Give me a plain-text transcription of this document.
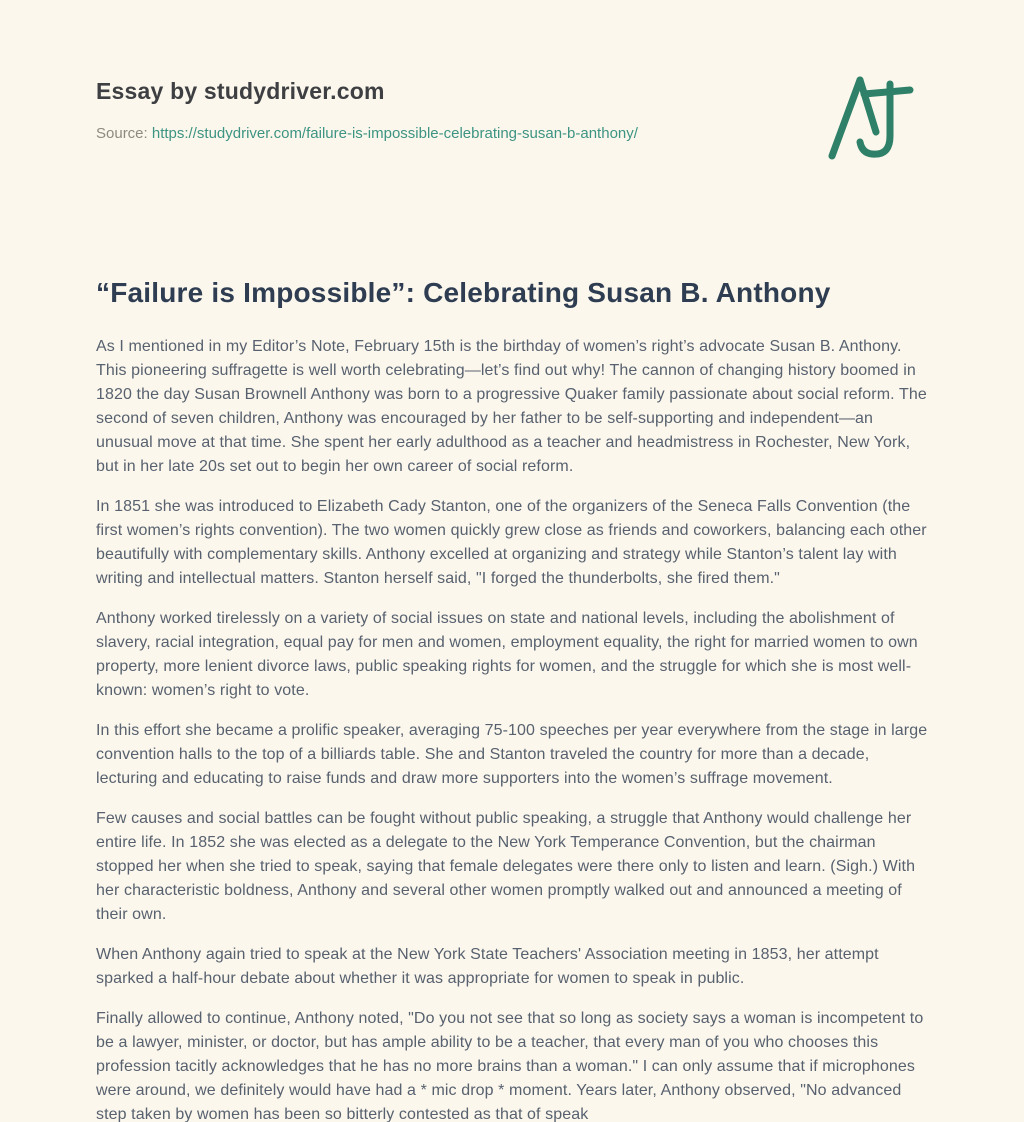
Essay by studydriver.com
Source: https://studydriver.com/failure-is-impossible-celebrating-susan-b-anthony/
“Failure is Impossible”: Celebrating Susan B. Anthony

As I mentioned in my Editor’s Note, February 15th is the birthday of women’s right’s advocate Susan B. Anthony. This pioneering suffragette is well worth celebrating—let’s find out why! The cannon of changing history boomed in 1820 the day Susan Brownell Anthony was born to a progressive Quaker family passionate about social reform. The second of seven children, Anthony was encouraged by her father to be self-supporting and independent—an unusual move at that time. She spent her early adulthood as a teacher and headmistress in Rochester, New York, but in her late 20s set out to begin her own career of social reform.

In 1851 she was introduced to Elizabeth Cady Stanton, one of the organizers of the Seneca Falls Convention (the first women’s rights convention). The two women quickly grew close as friends and coworkers, balancing each other beautifully with complementary skills. Anthony excelled at organizing and strategy while Stanton’s talent lay with writing and intellectual matters. Stanton herself said, "I forged the thunderbolts, she fired them."

Anthony worked tirelessly on a variety of social issues on state and national levels, including the abolishment of slavery, racial integration, equal pay for men and women, employment equality, the right for married women to own property, more lenient divorce laws, public speaking rights for women, and the struggle for which she is most well-known: women’s right to vote.

In this effort she became a prolific speaker, averaging 75-100 speeches per year everywhere from the stage in large convention halls to the top of a billiards table. She and Stanton traveled the country for more than a decade, lecturing and educating to raise funds and draw more supporters into the women’s suffrage movement.

Few causes and social battles can be fought without public speaking, a struggle that Anthony would challenge her entire life. In 1852 she was elected as a delegate to the New York Temperance Convention, but the chairman stopped her when she tried to speak, saying that female delegates were there only to listen and learn. (Sigh.) With her characteristic boldness, Anthony and several other women promptly walked out and announced a meeting of their own.

When Anthony again tried to speak at the New York State Teachers' Association meeting in 1853, her attempt sparked a half-hour debate about whether it was appropriate for women to speak in public.

Finally allowed to continue, Anthony noted, "Do you not see that so long as society says a woman is incompetent to be a lawyer, minister, or doctor, but has ample ability to be a teacher, that every man of you who chooses this profession tacitly acknowledges that he has no more brains than a woman." I can only assume that if microphones were around, we definitely would have had a * mic drop * moment. Years later, Anthony observed, "No advanced step taken by women has been so bitterly contested as that of speak
